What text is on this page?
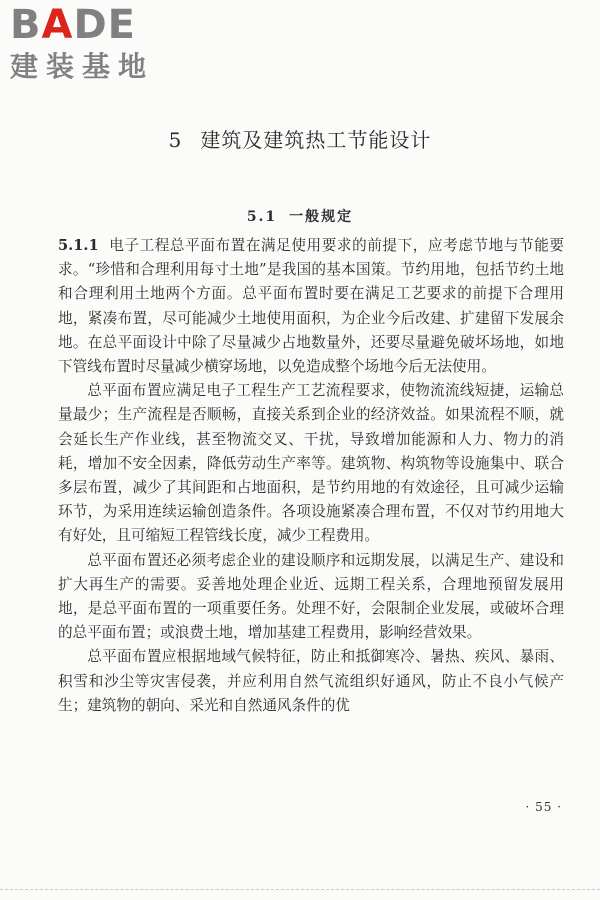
BADE
建装基地
5 建筑及建筑热工节能设计
5.1 一般规定

5.1.1 电子工程总平面布置在满足使用要求的前提下，应考虑节地与节能要求。“珍惜和合理利用每寸土地”是我国的基本国策。节约用地，包括节约土地和合理利用土地两个方面。总平面布置时要在满足工艺要求的前提下合理用地，紧凑布置，尽可能减少土地使用面积，为企业今后改建、扩建留下发展余地。在总平面设计中除了尽量减少占地数量外，还要尽量避免破坏场地，如地下管线布置时尽量减少横穿场地，以免造成整个场地今后无法使用。

总平面布置应满足电子工程生产工艺流程要求，使物流流线短捷，运输总量最少；生产流程是否顺畅，直接关系到企业的经济效益。如果流程不顺，就会延长生产作业线，甚至物流交叉、干扰，导致增加能源和人力、物力的消耗，增加不安全因素，降低劳动生产率等。建筑物、构筑物等设施集中、联合多层布置，减少了其间距和占地面积，是节约用地的有效途径，且可减少运输环节，为采用连续运输创造条件。各项设施紧凑合理布置，不仅对节约用地大有好处，且可缩短工程管线长度，减少工程费用。

总平面布置还必须考虑企业的建设顺序和远期发展，以满足生产、建设和扩大再生产的需要。妥善地处理企业近、远期工程关系，合理地预留发展用地，是总平面布置的一项重要任务。处理不好，会限制企业发展，或破坏合理的总平面布置；或浪费土地，增加基建工程费用，影响经营效果。

总平面布置应根据地域气候特征，防止和抵御寒冷、暑热、疾风、暴雨、积雪和沙尘等灾害侵袭，并应利用自然气流组织好通风，防止不良小气候产生；建筑物的朝向、采光和自然通风条件的优

· 55 ·
